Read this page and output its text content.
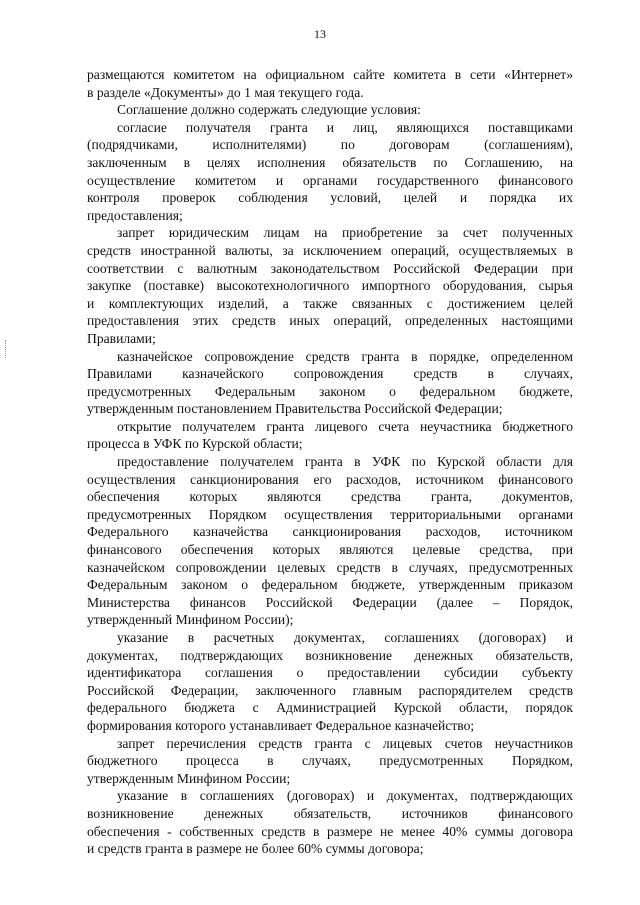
13
размещаются комитетом на официальном сайте комитета в сети «Интернет»
в разделе «Документы» до 1 мая текущего года.
Соглашение должно содержать следующие условия:
согласие получателя гранта и лиц, являющихся поставщиками
(подрядчиками, исполнителями) по договорам (соглашениям),
заключенным в целях исполнения обязательств по Соглашению, на
осуществление комитетом и органами государственного финансового
контроля проверок соблюдения условий, целей и порядка их
предоставления;
запрет юридическим лицам на приобретение за счет полученных
средств иностранной валюты, за исключением операций, осуществляемых в
соответствии с валютным законодательством Российской Федерации при
закупке (поставке) высокотехнологичного импортного оборудования, сырья
и комплектующих изделий, а также связанных с достижением целей
предоставления этих средств иных операций, определенных настоящими
Правилами;
казначейское сопровождение средств гранта в порядке, определенном
Правилами казначейского сопровождения средств в случаях,
предусмотренных Федеральным законом о федеральном бюджете,
утвержденным постановлением Правительства Российской Федерации;
открытие получателем гранта лицевого счета неучастника бюджетного
процесса в УФК по Курской области;
предоставление получателем гранта в УФК по Курской области для
осуществления санкционирования его расходов, источником финансового
обеспечения которых являются средства гранта, документов,
предусмотренных Порядком осуществления территориальными органами
Федерального казначейства санкционирования расходов, источником
финансового обеспечения которых являются целевые средства, при
казначейском сопровождении целевых средств в случаях, предусмотренных
Федеральным законом о федеральном бюджете, утвержденным приказом
Министерства финансов Российской Федерации (далее – Порядок,
утвержденный Минфином России);
указание в расчетных документах, соглашениях (договорах) и
документах, подтверждающих возникновение денежных обязательств,
идентификатора соглашения о предоставлении субсидии субъекту
Российской Федерации, заключенного главным распорядителем средств
федерального бюджета с Администрацией Курской области, порядок
формирования которого устанавливает Федеральное казначейство;
запрет перечисления средств гранта с лицевых счетов неучастников
бюджетного процесса в случаях, предусмотренных Порядком,
утвержденным Минфином России;
указание в соглашениях (договорах) и документах, подтверждающих
возникновение денежных обязательств, источников финансового
обеспечения - собственных средств в размере не менее 40% суммы договора
и средств гранта в размере не более 60% суммы договора;
